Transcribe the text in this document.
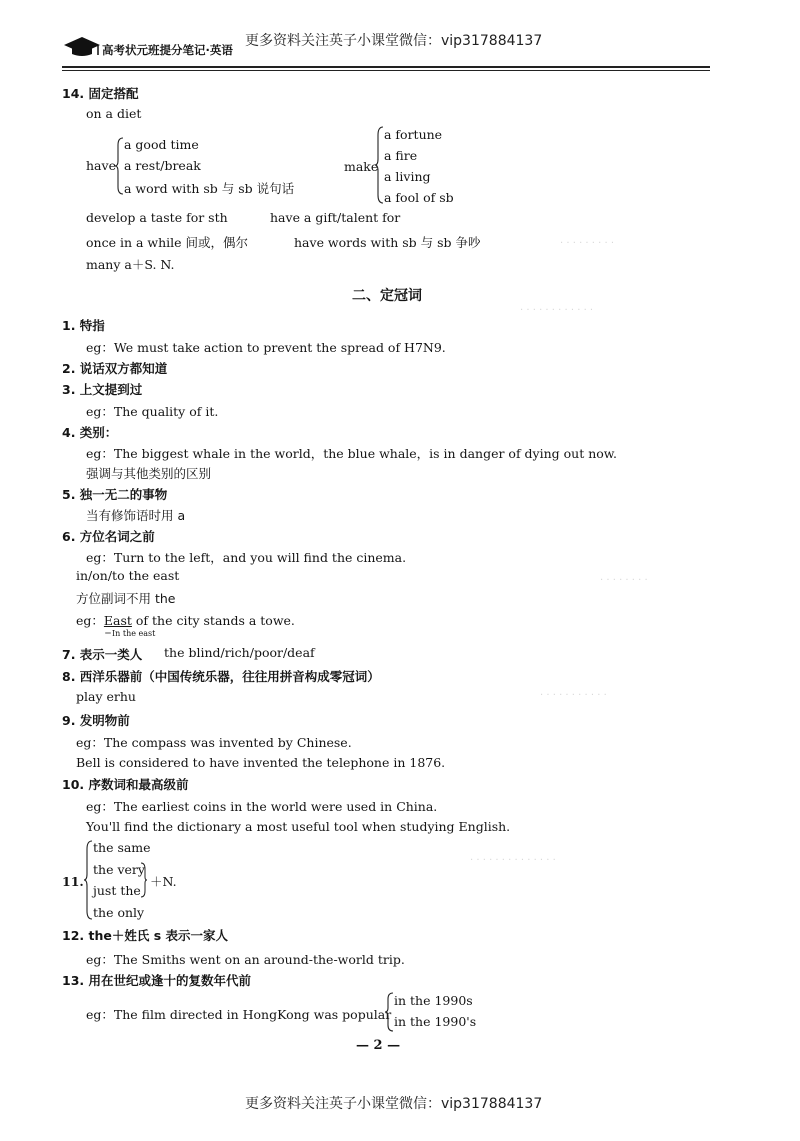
高考状元班提分笔记·英语
更多资料关注英子小课堂微信：vip317884137
· · · · · · · · ·
· · · · · · · · · · · ·
· · · · · · · ·
· · · · · · · · · · ·
· · · · · · · · · · · · · ·
14. 固定搭配
on a diet
have
a good time
a rest/break
a word with sb 与 sb 说句话
make
a fortune
a fire
a living
a fool of sb
develop a taste for sth	have a gift/talent for
once in a while 间或，偶尔	have words with sb 与 sb 争吵
many a＋S. N.
二、定冠词
1. 特指
eg：We must take action to prevent the spread of H7N9.
2. 说话双方都知道
3. 上文提到过
eg：The quality of it.
4. 类别：
eg：The biggest whale in the world，the blue whale，is in danger of dying out now.
强调与其他类别的区别
5. 独一无二的事物
当有修饰语时用 a
6. 方位名词之前
eg：Turn to the left，and you will find the cinema.
in/on/to the east
方位副词不用 the
eg：East of the city stands a towe.
＝In the east
7. 表示一类人 the blind/rich/poor/deaf
8. 西洋乐器前（中国传统乐器，往往用拼音构成零冠词）
play erhu
9. 发明物前
eg：The compass was invented by Chinese.
Bell is considered to have invented the telephone in 1876.
10. 序数词和最高级前
eg：The earliest coins in the world were used in China.
You'll find the dictionary a most useful tool when studying English.
11.
the same
the very
just the
the only
＋N.
12. the＋姓氏 s 表示一家人
eg：The Smiths went on an around-the-world trip.
13. 用在世纪或逢十的复数年代前
eg：The film directed in HongKong was popular
in the 1990s
in the 1990's
— 2 —
更多资料关注英子小课堂微信：vip317884137
